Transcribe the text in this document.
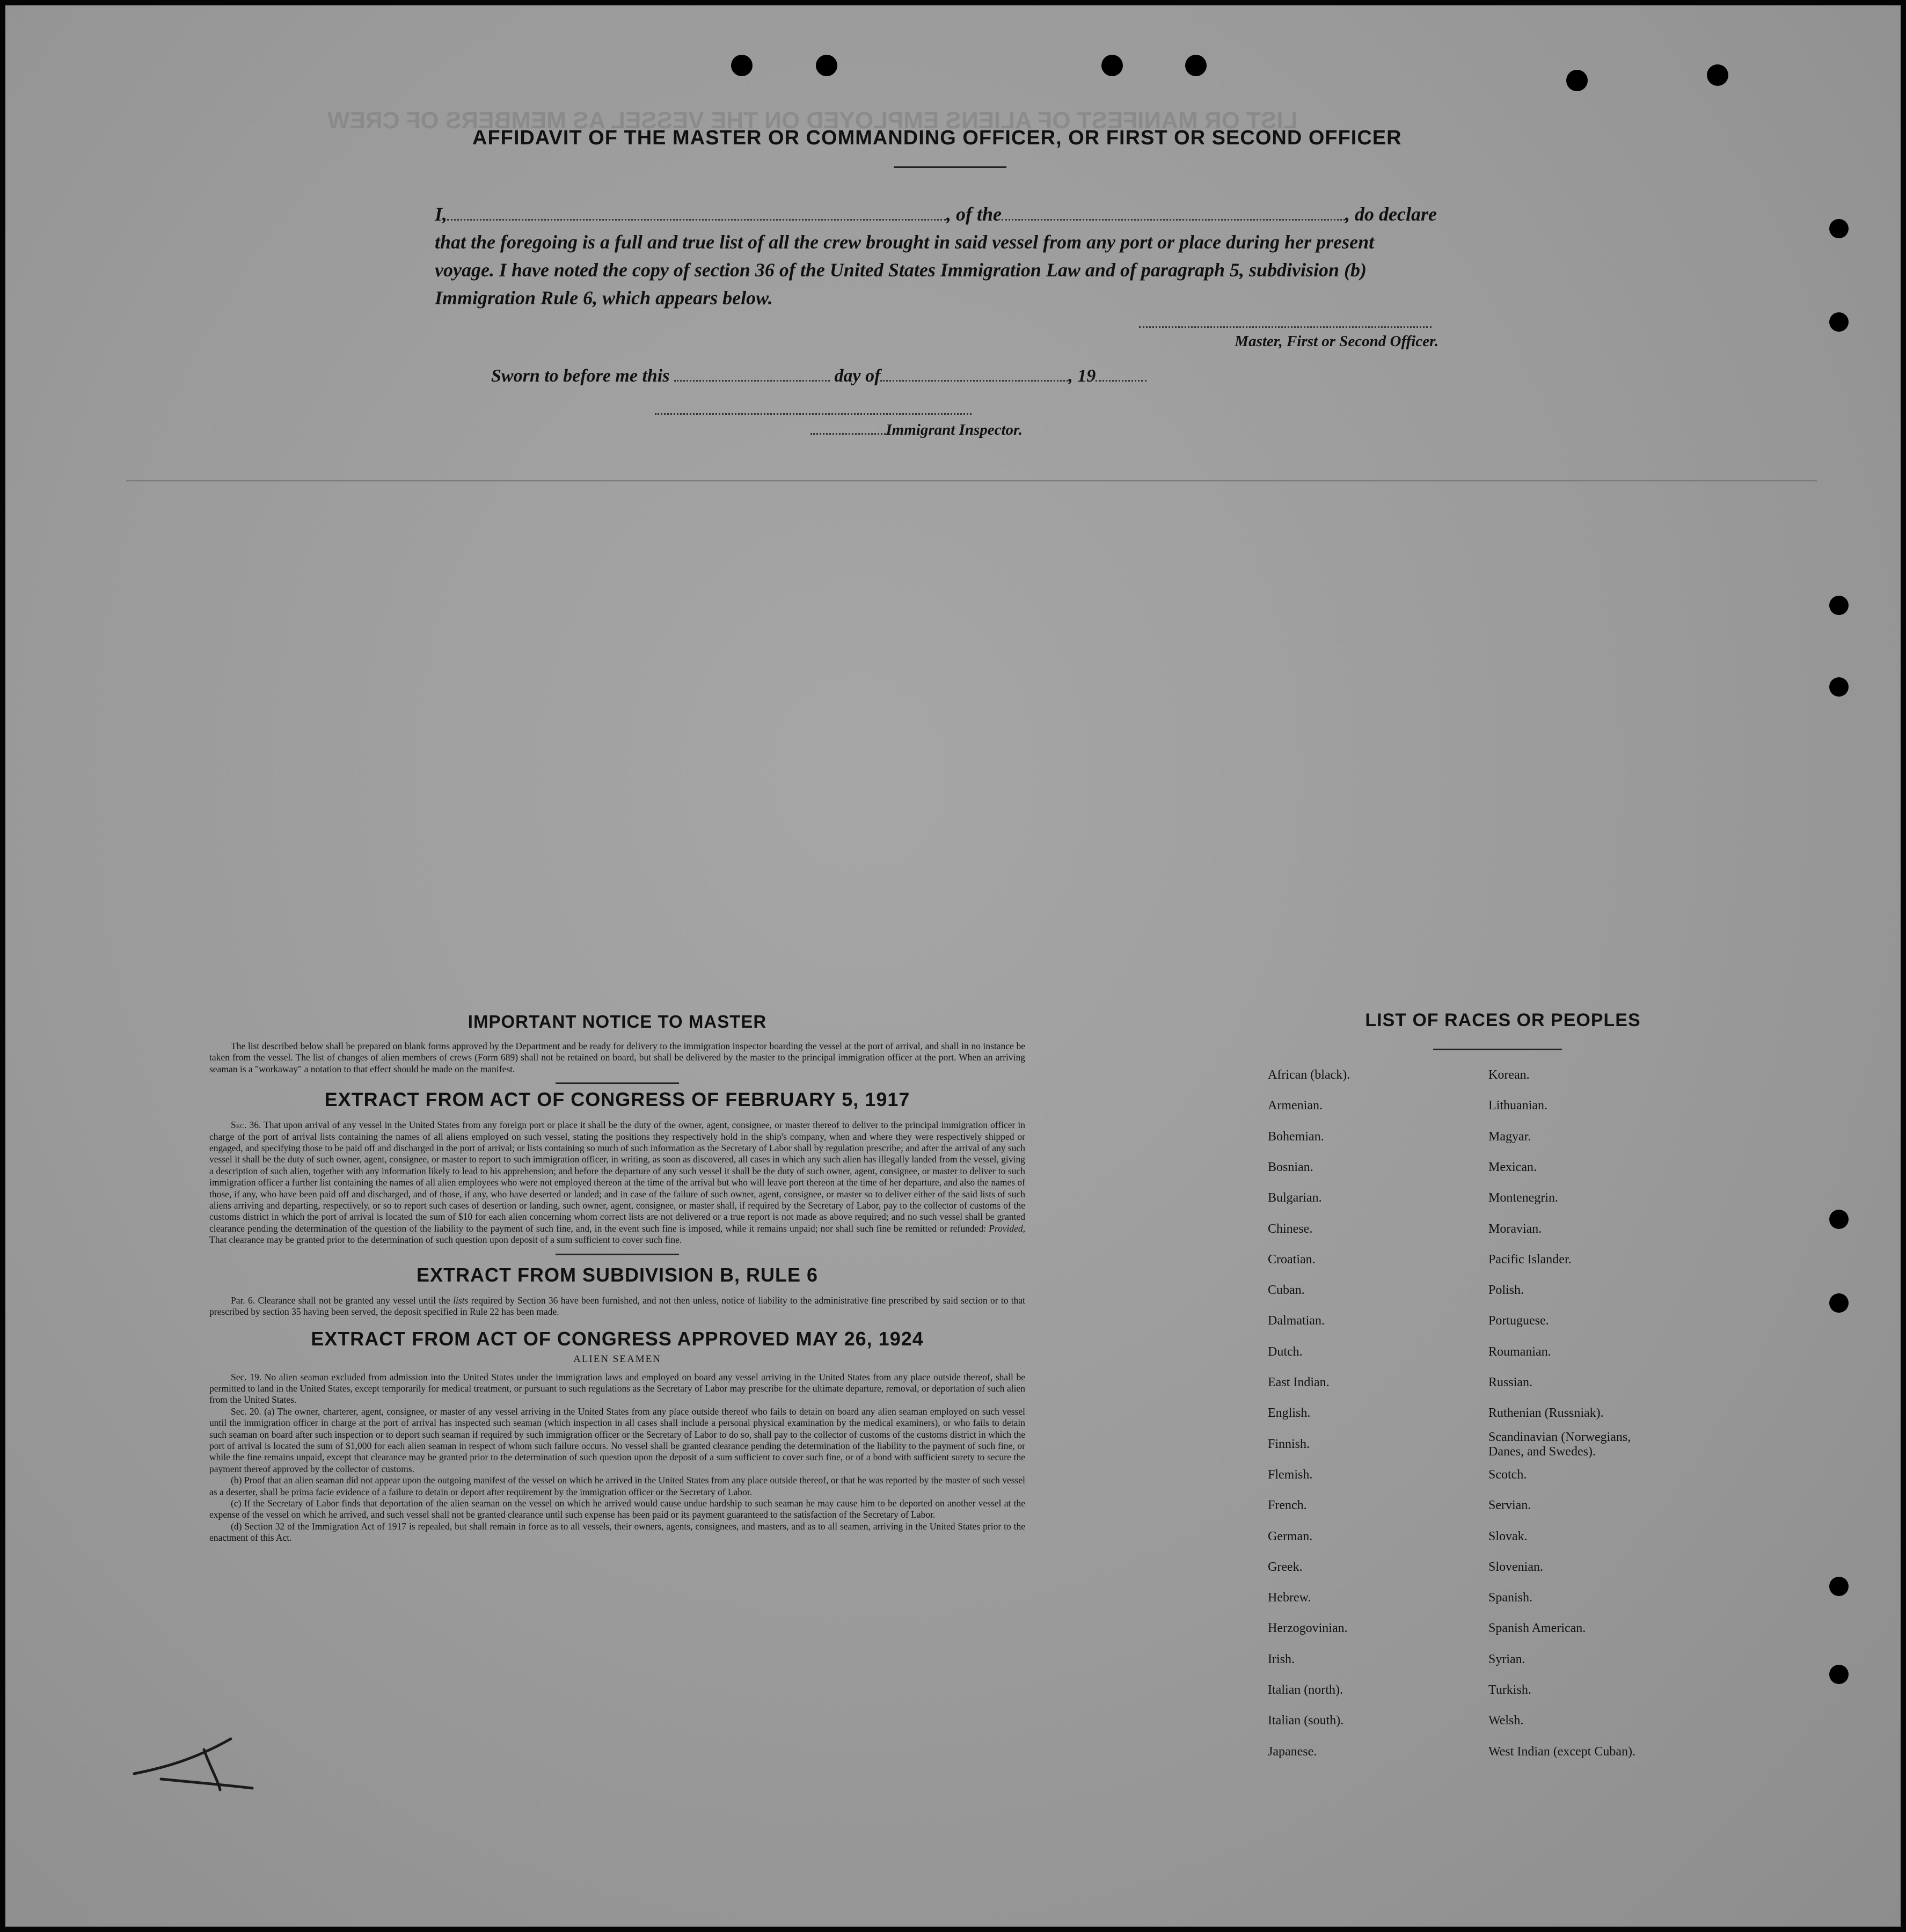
LIST OR MANIFEST OF ALIENS EMPLOYED ON THE VESSEL AS MEMBERS OF CREW
AFFIDAVIT OF THE MASTER OR COMMANDING OFFICER, OR FIRST OR SECOND OFFICER
I,	, of the	, do declare
that the foregoing is a full and true list of all the crew brought in said vessel from any port or place during her present
voyage. I have noted the copy of section 36 of the United States Immigration Law and of paragraph 5, subdivision (b)
Immigration Rule 6, which appears below.
Master, First or Second Officer.
Sworn to before me this	day of	, 19
Immigrant Inspector.
IMPORTANT NOTICE TO MASTER

The list described below shall be prepared on blank forms approved by the Department and be ready for delivery to the immigration inspector boarding the vessel at the port of arrival, and shall in no instance be taken from the vessel. The list of changes of alien members of crews (Form 689) shall not be retained on board, but shall be delivered by the master to the principal immigration officer at the port. When an arriving seaman is a "workaway" a notation to that effect should be made on the manifest.

EXTRACT FROM ACT OF CONGRESS OF FEBRUARY 5, 1917

Sec. 36. That upon arrival of any vessel in the United States from any foreign port or place it shall be the duty of the owner, agent, consignee, or master thereof to deliver to the principal immigration officer in charge of the port of arrival lists containing the names of all aliens employed on such vessel, stating the positions they respectively hold in the ship's company, when and where they were respectively shipped or engaged, and specifying those to be paid off and discharged in the port of arrival; or lists containing so much of such information as the Secretary of Labor shall by regulation prescribe; and after the arrival of any such vessel it shall be the duty of such owner, agent, consignee, or master to report to such immigration officer, in writing, as soon as discovered, all cases in which any such alien has illegally landed from the vessel, giving a description of such alien, together with any information likely to lead to his apprehension; and before the departure of any such vessel it shall be the duty of such owner, agent, consignee, or master to deliver to such immigration officer a further list containing the names of all alien employees who were not employed thereon at the time of the arrival but who will leave port thereon at the time of her departure, and also the names of those, if any, who have been paid off and discharged, and of those, if any, who have deserted or landed; and in case of the failure of such owner, agent, consignee, or master so to deliver either of the said lists of such aliens arriving and departing, respectively, or so to report such cases of desertion or landing, such owner, agent, consignee, or master shall, if required by the Secretary of Labor, pay to the collector of customs of the customs district in which the port of arrival is located the sum of $10 for each alien concerning whom correct lists are not delivered or a true report is not made as above required; and no such vessel shall be granted clearance pending the determination of the question of the liability to the payment of such fine, and, in the event such fine is imposed, while it remains unpaid; nor shall such fine be remitted or refunded: Provided, That clearance may be granted prior to the determination of such question upon deposit of a sum sufficient to cover such fine.

EXTRACT FROM SUBDIVISION B, RULE 6

Par. 6. Clearance shall not be granted any vessel until the lists required by Section 36 have been furnished, and not then unless, notice of liability to the administrative fine prescribed by said section or to that prescribed by section 35 having been served, the deposit specified in Rule 22 has been made.

EXTRACT FROM ACT OF CONGRESS APPROVED MAY 26, 1924
ALIEN SEAMEN

Sec. 19. No alien seaman excluded from admission into the United States under the immigration laws and employed on board any vessel arriving in the United States from any place outside thereof, shall be permitted to land in the United States, except temporarily for medical treatment, or pursuant to such regulations as the Secretary of Labor may prescribe for the ultimate departure, removal, or deportation of such alien from the United States.

Sec. 20. (a) The owner, charterer, agent, consignee, or master of any vessel arriving in the United States from any place outside thereof who fails to detain on board any alien seaman employed on such vessel until the immigration officer in charge at the port of arrival has inspected such seaman (which inspection in all cases shall include a personal physical examination by the medical examiners), or who fails to detain such seaman on board after such inspection or to deport such seaman if required by such immigration officer or the Secretary of Labor to do so, shall pay to the collector of customs of the customs district in which the port of arrival is located the sum of $1,000 for each alien seaman in respect of whom such failure occurs. No vessel shall be granted clearance pending the determination of the liability to the payment of such fine, or while the fine remains unpaid, except that clearance may be granted prior to the determination of such question upon the deposit of a sum sufficient to cover such fine, or of a bond with sufficient surety to secure the payment thereof approved by the collector of customs.

(b) Proof that an alien seaman did not appear upon the outgoing manifest of the vessel on which he arrived in the United States from any place outside thereof, or that he was reported by the master of such vessel as a deserter, shall be prima facie evidence of a failure to detain or deport after requirement by the immigration officer or the Secretary of Labor.

(c) If the Secretary of Labor finds that deportation of the alien seaman on the vessel on which he arrived would cause undue hardship to such seaman he may cause him to be deported on another vessel at the expense of the vessel on which he arrived, and such vessel shall not be granted clearance until such expense has been paid or its payment guaranteed to the satisfaction of the Secretary of Labor.

(d) Section 32 of the Immigration Act of 1917 is repealed, but shall remain in force as to all vessels, their owners, agents, consignees, and masters, and as to all seamen, arriving in the United States prior to the enactment of this Act.

LIST OF RACES OR PEOPLES
African (black).
Armenian.
Bohemian.
Bosnian.
Bulgarian.
Chinese.
Croatian.
Cuban.
Dalmatian.
Dutch.
East Indian.
English.
Finnish.
Flemish.
French.
German.
Greek.
Hebrew.
Herzogovinian.
Irish.
Italian (north).
Italian (south).
Japanese.
Korean.
Lithuanian.
Magyar.
Mexican.
Montenegrin.
Moravian.
Pacific Islander.
Polish.
Portuguese.
Roumanian.
Russian.
Ruthenian (Russniak).
Scandinavian (Norwegians,
Danes, and Swedes).
Scotch.
Servian.
Slovak.
Slovenian.
Spanish.
Spanish American.
Syrian.
Turkish.
Welsh.
West Indian (except Cuban).
